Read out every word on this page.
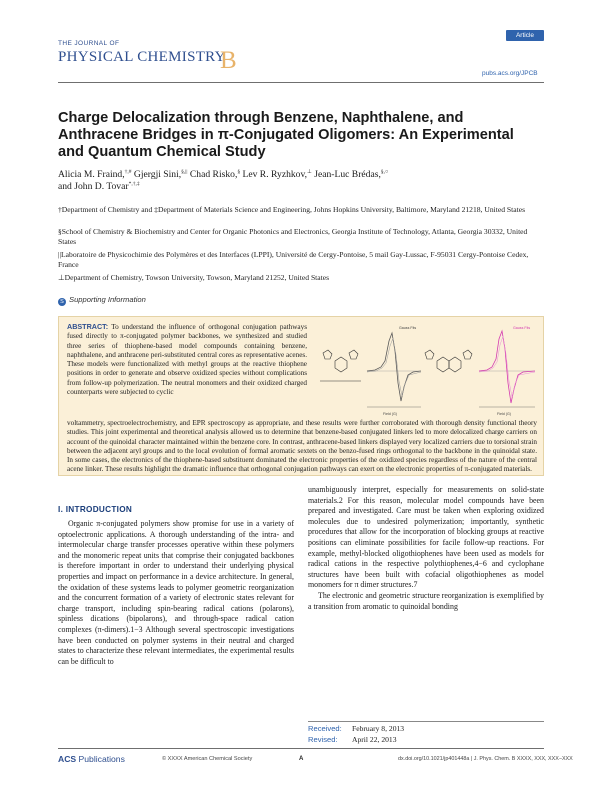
THE JOURNAL OF
PHYSICAL CHEMISTRY
B
Article
pubs.acs.org/JPCB
Charge Delocalization through Benzene, Naphthalene, and Anthracene Bridges in π-Conjugated Oligomers: An Experimental and Quantum Chemical Study
Alicia M. Fraind,†,# Gjergji Sini,§,|| Chad Risko,§ Lev R. Ryzhkov,⊥ Jean-Luc Brédas,§,○
and John D. Tovar*,†,‡
†Department of Chemistry and ‡Department of Materials Science and Engineering, Johns Hopkins University, Baltimore, Maryland 21218, United States
§School of Chemistry & Biochemistry and Center for Organic Photonics and Electronics, Georgia Institute of Technology, Atlanta, Georgia 30332, United States
||Laboratoire de Physicochimie des Polymères et des Interfaces (LPPI), Université de Cergy-Pontoise, 5 mail Gay-Lussac, F-95031 Cergy-Pontoise Cedex, France
⊥Department of Chemistry, Towson University, Towson, Maryland 21252, United States
S Supporting Information
ABSTRACT: To understand the influence of orthogonal conjugation pathways fused directly to π-conjugated polymer backbones, we synthesized and studied three series of thiophene-based model compounds containing benzene, naphthalene, and anthracene peri-substituted central cores as representative acenes. These models were functionalized with methyl groups at the reactive thiophene positions in order to generate and observe oxidized species without complications from follow-up polymerization. The neutral monomers and their oxidized charged counterparts were subjected to cyclic
Field (G)
Gauss Fits
Field (G)
Gauss Fits
voltammetry, spectroelectrochemistry, and EPR spectroscopy as appropriate, and these results were further corroborated with thorough density functional theory studies. This joint experimental and theoretical analysis allowed us to determine that benzene-based conjugated linkers led to more delocalized charge carriers on account of the quinoidal character maintained within the benzene core. In contrast, anthracene-based linkers displayed very localized carriers due to torsional strain between the adjacent aryl groups and to the local evolution of formal aromatic sextets on the benzo-fused rings orthogonal to the backbone in the quinoidal state. In some cases, the electronics of the thiophene-based substituent dominated the electronic properties of the oxidized species regardless of the nature of the central acene linker. These results highlight the dramatic influence that orthogonal conjugation pathways can exert on the electronic properties of π-conjugated materials.
I. INTRODUCTION

Organic π-conjugated polymers show promise for use in a variety of optoelectronic applications. A thorough understanding of the intra- and intermolecular charge transfer processes operative within these polymers and the monomeric repeat units that comprise their conjugated backbones is therefore important in order to understand their underlying physical properties and impact on performance in a device architecture. In general, the oxidation of these systems leads to polymer geometric reorganization and the concurrent formation of a variety of electronic states relevant for charge transport, including spin-bearing radical cations (polarons), spinless dications (bipolarons), and through-space radical cation complexes (π-dimers).1−3 Although several spectroscopic investigations have been conducted on polymer systems in their neutral and charged states to characterize these relevant intermediates, the experimental results can be difficult to

unambiguously interpret, especially for measurements on solid-state materials.2 For this reason, molecular model compounds have been prepared and investigated. Care must be taken when exploring oxidized molecules due to undesired polymerization; importantly, synthetic procedures that allow for the incorporation of blocking groups at reactive positions can eliminate possibilities for facile follow-up reactions. For example, methyl-blocked oligothiophenes have been used as models for radical cations in the respective polythiophenes,4−6 and cyclophane structures have been built with cofacial oligothiophenes as model monomers for π dimer structures.7

The electronic and geometric structure reorganization is exemplified by a transition from aromatic to quinoidal bonding

Received: February 8, 2013
Revised: April 22, 2013
ACS Publications	© XXXX American Chemical Society	A	dx.doi.org/10.1021/jp401448a | J. Phys. Chem. B XXXX, XXX, XXX−XXX
